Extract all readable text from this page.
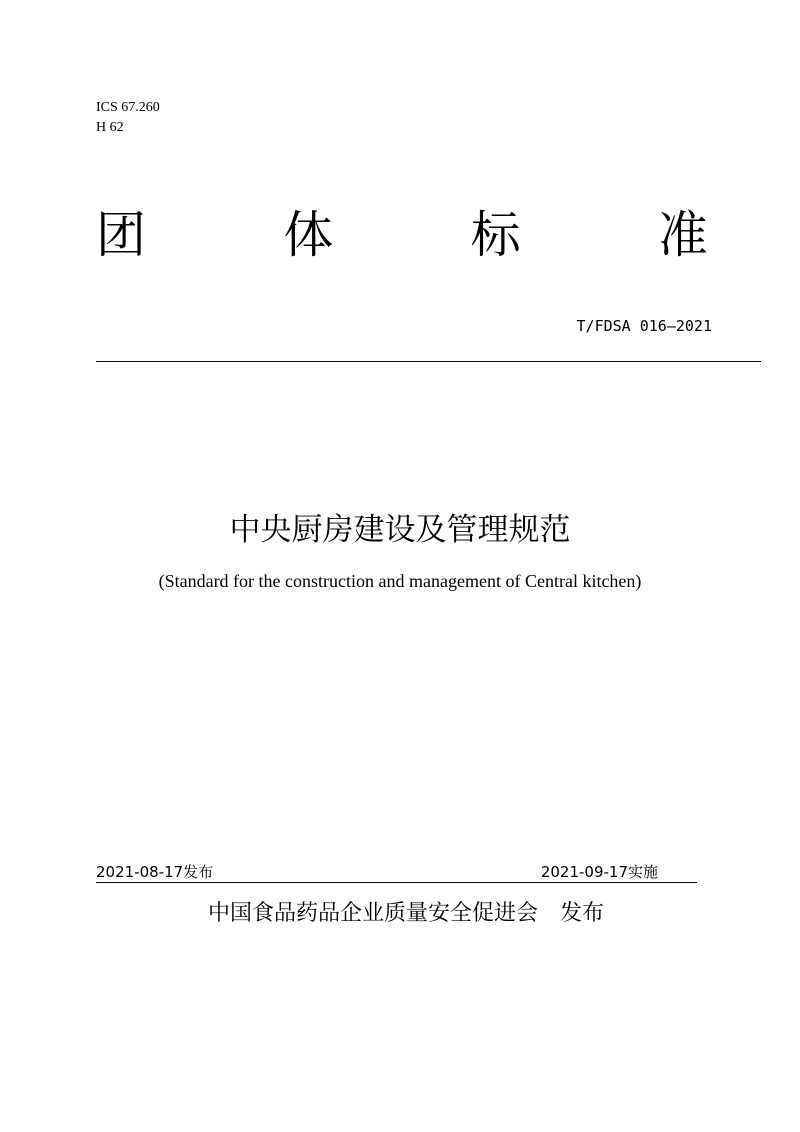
ICS 67.260
H 62
团	体	标	准
T/FDSA 016—2021
中央厨房建设及管理规范
(Standard for the construction and management of Central kitchen)
2021-08-17发布	2021-09-17实施
中国食品药品企业质量安全促进会 发布
